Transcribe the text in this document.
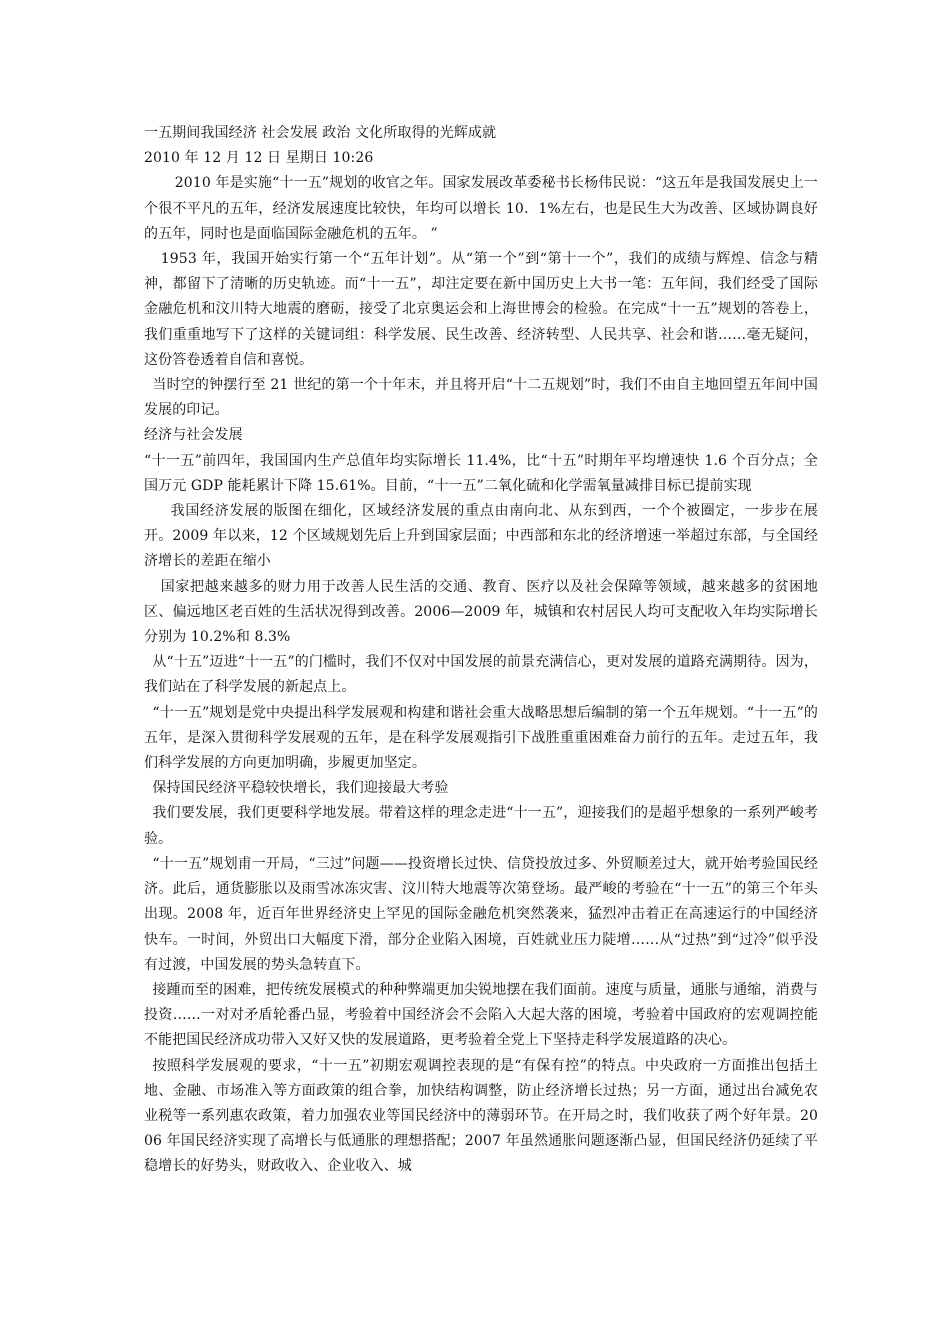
一五期间我国经济 社会发展 政治 文化所取得的光辉成就

2010 年 12 月 12 日 星期日 10:26

2010 年是实施“十一五”规划的收官之年。国家发展改革委秘书长杨伟民说：“这五年是我国发展史上一个很不平凡的五年，经济发展速度比较快，年均可以增长 10．1%左右，也是民生大为改善、区域协调良好的五年，同时也是面临国际金融危机的五年。 ”

1953 年，我国开始实行第一个“五年计划”。从“第一个”到“第十一个”，我们的成绩与辉煌、信念与精神，都留下了清晰的历史轨迹。而“十一五”，却注定要在新中国历史上大书一笔：五年间，我们经受了国际金融危机和汶川特大地震的磨砺，接受了北京奥运会和上海世博会的检验。在完成“十一五”规划的答卷上，我们重重地写下了这样的关键词组：科学发展、民生改善、经济转型、人民共享、社会和谐……毫无疑问，这份答卷透着自信和喜悦。

当时空的钟摆行至 21 世纪的第一个十年末，并且将开启“十二五规划”时，我们不由自主地回望五年间中国发展的印记。

经济与社会发展

“十一五”前四年，我国国内生产总值年均实际增长 11.4%，比“十五”时期年平均增速快 1.6 个百分点；全国万元 GDP 能耗累计下降 15.61%。目前，“十一五”二氧化硫和化学需氧量减排目标已提前实现

我国经济发展的版图在细化，区域经济发展的重点由南向北、从东到西，一个个被圈定，一步步在展开。2009 年以来，12 个区域规划先后上升到国家层面；中西部和东北的经济增速一举超过东部，与全国经济增长的差距在缩小

国家把越来越多的财力用于改善人民生活的交通、教育、医疗以及社会保障等领域，越来越多的贫困地区、偏远地区老百姓的生活状况得到改善。2006—2009 年，城镇和农村居民人均可支配收入年均实际增长分别为 10.2%和 8.3%

从“十五”迈进“十一五”的门槛时，我们不仅对中国发展的前景充满信心，更对发展的道路充满期待。因为，我们站在了科学发展的新起点上。

“十一五”规划是党中央提出科学发展观和构建和谐社会重大战略思想后编制的第一个五年规划。“十一五”的五年，是深入贯彻科学发展观的五年，是在科学发展观指引下战胜重重困难奋力前行的五年。走过五年，我们科学发展的方向更加明确，步履更加坚定。

保持国民经济平稳较快增长，我们迎接最大考验

我们要发展，我们更要科学地发展。带着这样的理念走进“十一五”，迎接我们的是超乎想象的一系列严峻考验。

“十一五”规划甫一开局，“三过”问题——投资增长过快、信贷投放过多、外贸顺差过大，就开始考验国民经济。此后，通货膨胀以及雨雪冰冻灾害、汶川特大地震等次第登场。最严峻的考验在“十一五”的第三个年头出现。2008 年，近百年世界经济史上罕见的国际金融危机突然袭来，猛烈冲击着正在高速运行的中国经济快车。一时间，外贸出口大幅度下滑，部分企业陷入困境，百姓就业压力陡增……从“过热”到“过冷”似乎没有过渡，中国发展的势头急转直下。

接踵而至的困难，把传统发展模式的种种弊端更加尖锐地摆在我们面前。速度与质量，通胀与通缩，消费与投资……一对对矛盾轮番凸显，考验着中国经济会不会陷入大起大落的困境，考验着中国政府的宏观调控能不能把国民经济成功带入又好又快的发展道路，更考验着全党上下坚持走科学发展道路的决心。

按照科学发展观的要求，“十一五”初期宏观调控表现的是“有保有控”的特点。中央政府一方面推出包括土地、金融、市场准入等方面政策的组合拳，加快结构调整，防止经济增长过热；另一方面，通过出台减免农业税等一系列惠农政策，着力加强农业等国民经济中的薄弱环节。在开局之时，我们收获了两个好年景。2006 年国民经济实现了高增长与低通胀的理想搭配；2007 年虽然通胀问题逐渐凸显，但国民经济仍延续了平稳增长的好势头，财政收入、企业收入、城
